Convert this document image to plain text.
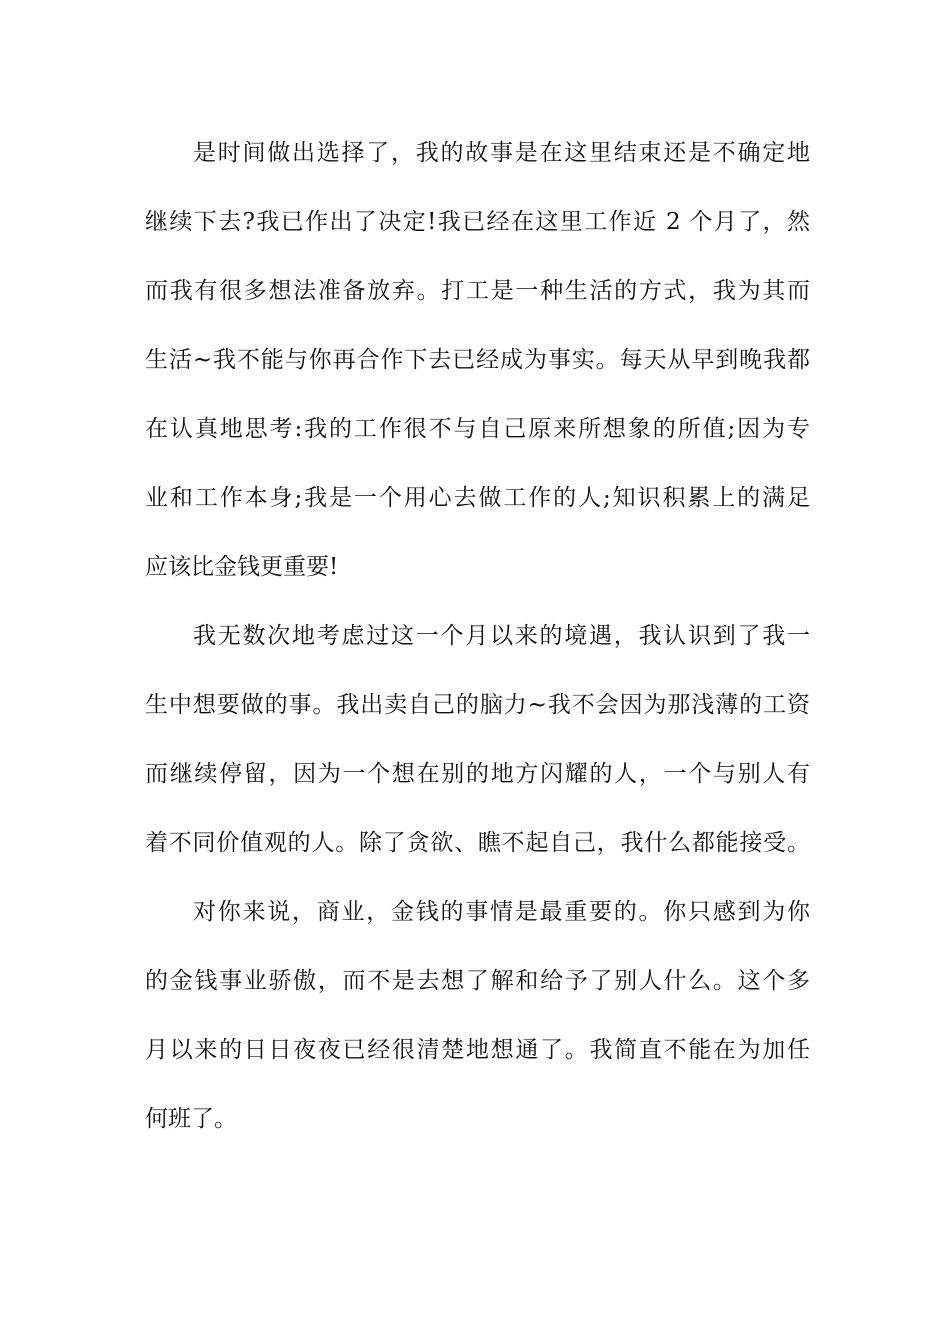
是时间做出选择了，我的故事是在这里结束还是不确定地
继续下去?我已作出了决定!我已经在这里工作近 2 个月了，然
而我有很多想法准备放弃。打工是一种生活的方式，我为其而
生活~我不能与你再合作下去已经成为事实。每天从早到晚我都
在认真地思考:我的工作很不与自己原来所想象的所值;因为专
业和工作本身;我是一个用心去做工作的人;知识积累上的满足
应该比金钱更重要!
我无数次地考虑过这一个月以来的境遇，我认识到了我一
生中想要做的事。我出卖自己的脑力~我不会因为那浅薄的工资
而继续停留，因为一个想在别的地方闪耀的人，一个与别人有
着不同价值观的人。除了贪欲、瞧不起自己，我什么都能接受。
对你来说，商业，金钱的事情是最重要的。你只感到为你
的金钱事业骄傲，而不是去想了解和给予了别人什么。这个多
月以来的日日夜夜已经很清楚地想通了。我简直不能在为加任
何班了。
